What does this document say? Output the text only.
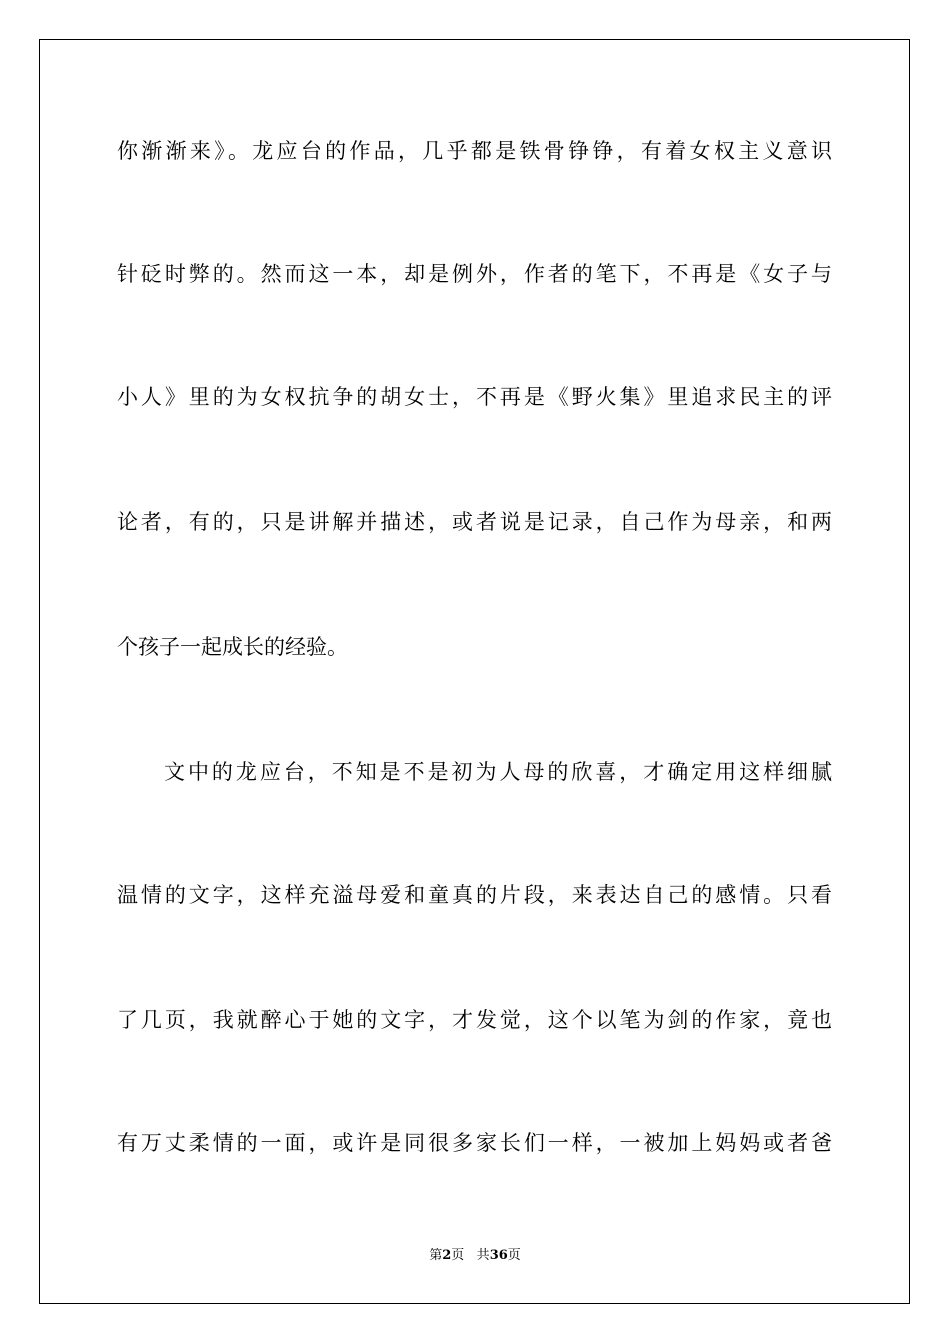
你渐渐来》。龙应台的作品，几乎都是铁骨铮铮，有着女权主义意识
针砭时弊的。然而这一本，却是例外，作者的笔下，不再是《女子与
小人》里的为女权抗争的胡女士，不再是《野火集》里追求民主的评
论者，有的，只是讲解并描述，或者说是记录，自己作为母亲，和两
个孩子一起成长的经验。
文中的龙应台，不知是不是初为人母的欣喜，才确定用这样细腻
温情的文字，这样充溢母爱和童真的片段，来表达自己的感情。只看
了几页，我就醉心于她的文字，才发觉，这个以笔为剑的作家，竟也
有万丈柔情的一面，或许是同很多家长们一样，一被加上妈妈或者爸
第2页 共36页
